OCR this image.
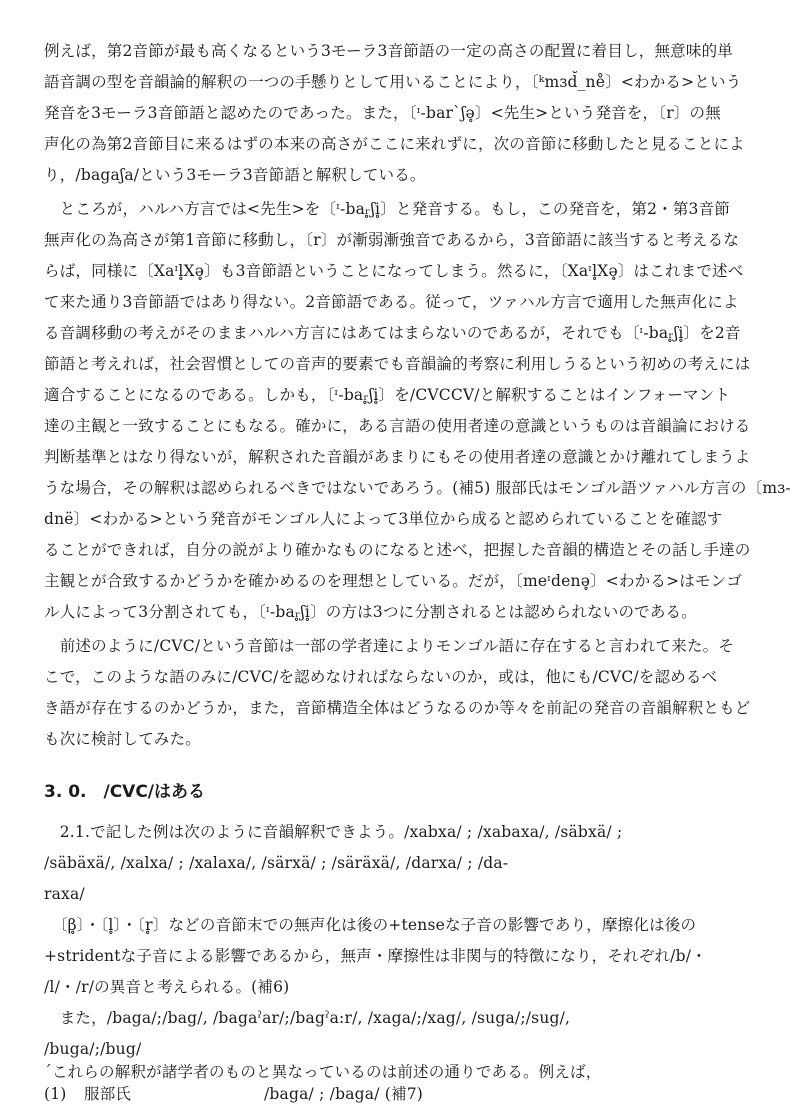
例えば，第2音節が最も高くなるという3モーラ3音節語の一定の高さの配置に着目し，無意味的単
語音調の型を音韻論的解釈の一つの手懸りとして用いることにより，〔ᵏmɜd̆_ne̊〕<わかる>という
発音を3モーラ3音節語と認めたのであった。また，〔ᶦ-barˋʃə̥〕<先生>という発音を，〔r〕の無
声化の為第2音節目に来るはずの本来の高さがここに来れずに，次の音節に移動したと見ることによ
り，/bagaʃa/という3モーラ3音節語と解釈している。
　ところが，ハルハ方言では<先生>を〔ᶦ-baᵣ̥ʃi̥〕と発音する。もし，この発音を，第2・第3音節
無声化の為高さが第1音節に移動し，〔r〕が漸弱漸強音であるから，3音節語に該当すると考えるな
らば，同様に〔Xaᶦl̥Xə̥〕も3音節語ということになってしまう。然るに，〔Xaᶦl̥Xə̥〕はこれまで述べ
て来た通り3音節語ではあり得ない。2音節語である。従って，ツァハル方言で適用した無声化によ
る音調移動の考えがそのままハルハ方言にはあてはまらないのであるが，それでも〔ᶦ-baᵣ̥ʃi̥〕を2音
節語と考えれば，社会習慣としての音声的要素でも音韻論的考察に利用しうるという初めの考えには
適合することになるのである。しかも，〔ᶦ-baᵣ̥ʃi̥〕を/CVCCV/と解釈することはインフォーマント
達の主観と一致することにもなる。確かに，ある言語の使用者達の意識というものは音韻論における
判断基準とはなり得ないが，解釈された音韻があまりにもその使用者達の意識とかけ離れてしまうよ
うな場合，その解釈は認められるべきではないであろう。(補5) 服部氏はモンゴル語ツァハル方言の〔mɜ-
dnë〕<わかる>という発音がモンゴル人によって3単位から成ると認められていることを確認す
ることができれば，自分の説がより確かなものになると述べ，把握した音韻的構造とその話し手達の
主観とが合致するかどうかを確かめるのを理想としている。だが，〔meᶦdenə̥〕<わかる>はモンゴ
ル人によって3分割されても，〔ᶦ-baᵣ̥ʃi̥〕の方は3つに分割されるとは認められないのである。
　前述のように/CVC/という音節は一部の学者達によりモンゴル語に存在すると言われて来た。そ
こで，このような語のみに/CVC/を認めなければならないのか，或は，他にも/CVC/を認めるべ
き語が存在するのかどうか，また，音節構造全体はどうなるのか等々を前記の発音の音韻解釈ともど
も次に検討してみた。
3. 0.　/CVC/はある
　2.1.で記した例は次のように音韻解釈できよう。/xabxa/ ; /xabaxa/, /säbxä/ ;
/säbäxä/, /xalxa/ ; /xalaxa/, /särxä/ ; /säräxä/, /darxa/ ; /da-
raxa/
　〔β̥〕・〔l̥〕・〔r̥〕などの音節末での無声化は後の+tenseな子音の影響であり，摩擦化は後の
+stridentな子音による影響であるから，無声・摩擦性は非関与的特徴になり，それぞれ/b/・
/l/・/r/の異音と考えられる。(補6)
　また，/baga/;/bag/, /bagaˀar/;/bagˀa:r/, /xaga/;/xag/, /suga/;/sug/,
/buga/;/bug/
ˊこれらの解釈が諸学者のものと異なっているのは前述の通りである。例えば，
(1) 服部氏	/baga/ ; /baga/ (補7)
